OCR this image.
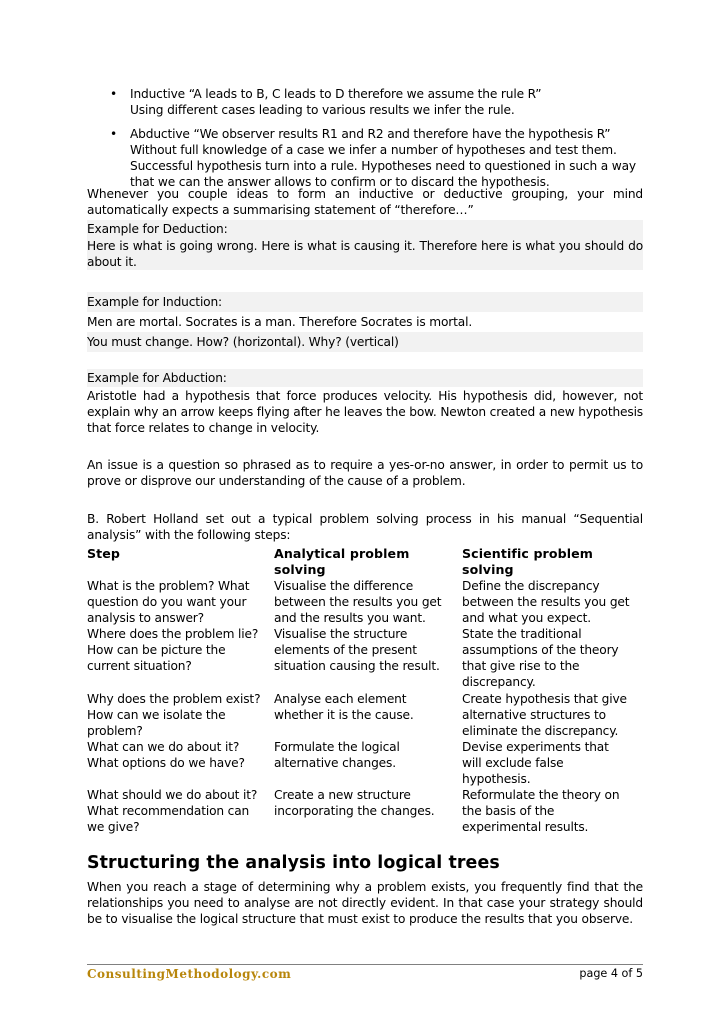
• Inductive “A leads to B, C leads to D therefore we assume the rule R”
Using different cases leading to various results we infer the rule.
• Abductive “We observer results R1 and R2 and therefore have the hypothesis R”
Without full knowledge of a case we infer a number of hypotheses and test them.
Successful hypothesis turn into a rule. Hypotheses need to questioned in such a way
that we can the answer allows to confirm or to discard the hypothesis.

Whenever you couple ideas to form an inductive or deductive grouping, your mind automatically expects a summarising statement of “therefore…”

Example for Deduction:

Here is what is going wrong. Here is what is causing it. Therefore here is what you should do about it.

Example for Induction:

Men are mortal. Socrates is a man. Therefore Socrates is mortal.

You must change. How? (horizontal). Why? (vertical)

Example for Abduction:

Aristotle had a hypothesis that force produces velocity. His hypothesis did, however, not explain why an arrow keeps flying after he leaves the bow. Newton created a new hypothesis that force relates to change in velocity.

An issue is a question so phrased as to require a yes-or-no answer, in order to permit us to prove or disprove our understanding of the cause of a problem.

B. Robert Holland set out a typical problem solving process in his manual “Sequential analysis” with the following steps:

Step	Analytical problem solving	Scientific problem solving
What is the problem? What question do you want your analysis to answer?	Visualise the difference between the results you get and the results you want.	Define the discrepancy between the results you get and what you expect.
Where does the problem lie? How can be picture the current situation?	Visualise the structure elements of the present situation causing the result.	State the traditional assumptions of the theory that give rise to the discrepancy.
Why does the problem exist? How can we isolate the problem?	Analyse each element whether it is the cause.	Create hypothesis that give alternative structures to eliminate the discrepancy.
What can we do about it? What options do we have?	Formulate the logical alternative changes.	Devise experiments that will exclude false hypothesis.
What should we do about it? What recommendation can we give?	Create a new structure incorporating the changes.	Reformulate the theory on the basis of the experimental results.
Structuring the analysis into logical trees

When you reach a stage of determining why a problem exists, you frequently find that the relationships you need to analyse are not directly evident. In that case your strategy should be to visualise the logical structure that must exist to produce the results that you observe.

ConsultingMethodology.com	page 4 of 5
